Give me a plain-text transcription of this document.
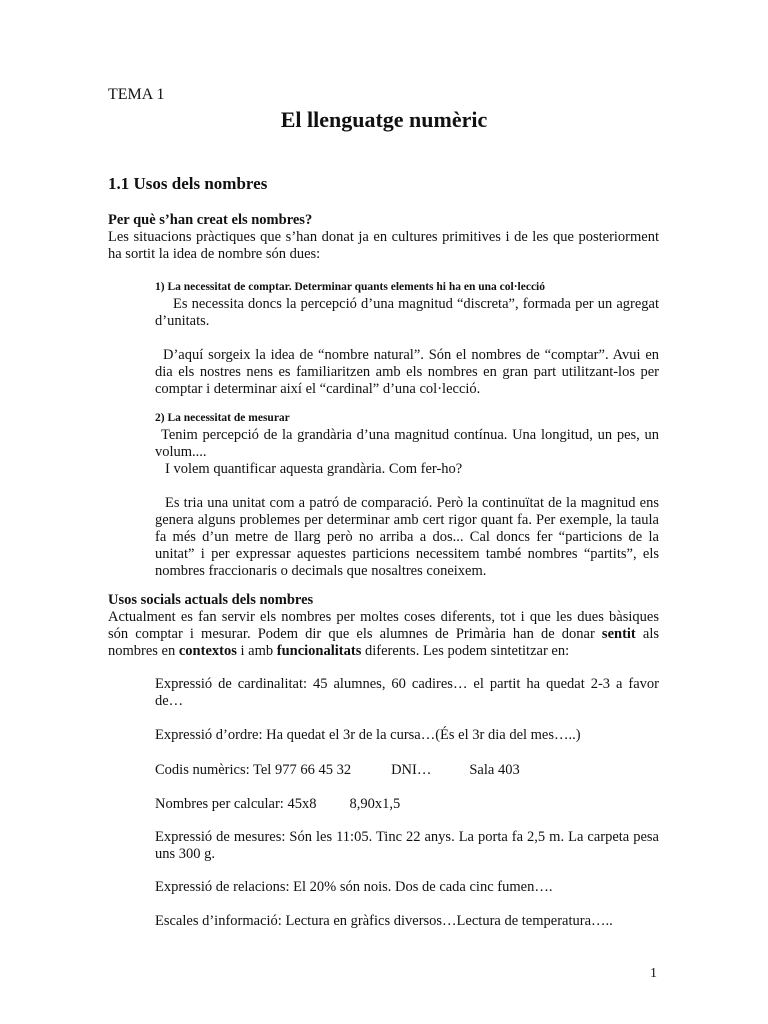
TEMA 1
El llenguatge numèric
1.1 Usos dels nombres

Per què s’han creat els nombres?

Les situacions pràctiques que s’han donat ja en cultures primitives i de les que posteriorment ha sortit la idea de nombre són dues:

1) La necessitat de comptar. Determinar quants elements hi ha en una col·lecció

Es necessita doncs la percepció d’una magnitud “discreta”, formada per un agregat d’unitats.

D’aquí sorgeix la idea de “nombre natural”. Són el nombres de “comptar”. Avui en dia els nostres nens es familiaritzen amb els nombres en gran part utilitzant-los per comptar i determinar així el “cardinal” d’una col·lecció.

2) La necessitat de mesurar

Tenim percepció de la grandària d’una magnitud contínua. Una longitud, un pes, un volum....

I volem quantificar aquesta grandària. Com fer-ho?

Es tria una unitat com a patró de comparació. Però la continuïtat de la magnitud ens genera alguns problemes per determinar amb cert rigor quant fa. Per exemple, la taula fa més d’un metre de llarg però no arriba a dos... Cal doncs fer “particions de la unitat” i per expressar aquestes particions necessitem també nombres “partits”, els nombres fraccionaris o decimals que nosaltres coneixem.

Usos socials actuals dels nombres

Actualment es fan servir els nombres per moltes coses diferents, tot i que les dues bàsiques són comptar i mesurar. Podem dir que els alumnes de Primària han de donar sentit als nombres en contextos i amb funcionalitats diferents. Les podem sintetitzar en:

Expressió de cardinalitat: 45 alumnes, 60 cadires… el partit ha quedat 2-3 a favor de…
Expressió d’ordre: Ha quedat el 3r de la cursa…(És el 3r dia del mes…..)
Codis numèrics: Tel 977 66 45 32	DNI…	Sala 403
Nombres per calcular: 45x8 8,90x1,5
Expressió de mesures: Són les 11:05. Tinc 22 anys. La porta fa 2,5 m. La carpeta pesa uns 300 g.
Expressió de relacions: El 20% són nois. Dos de cada cinc fumen….
Escales d’informació: Lectura en gràfics diversos…Lectura de temperatura…..
1
